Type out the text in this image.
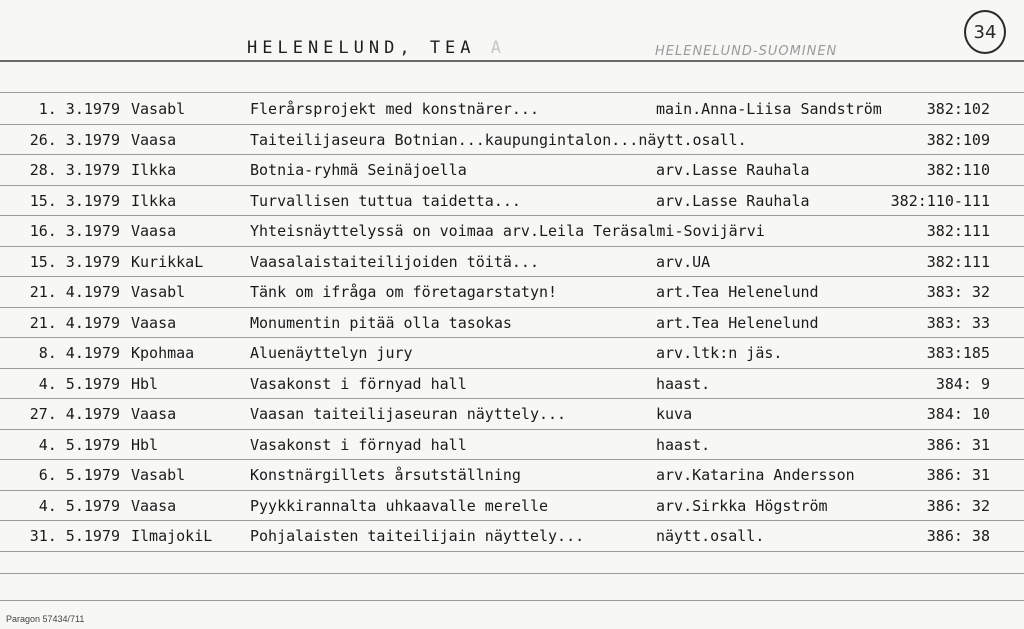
HELENELUND, TEA A	HELENELUND-SUOMINEN
34
1. 3.1979 Vasabl	Flerårsprojekt med konstnärer...	main.Anna-Liisa Sandström	382:102
26. 3.1979 Vaasa	Taiteilijaseura Botnian...kaupungintalon...näytt.osall.	382:109
28. 3.1979 Ilkka	Botnia-ryhmä Seinäjoella	arv.Lasse Rauhala	382:110
15. 3.1979 Ilkka	Turvallisen tuttua taidetta...	arv.Lasse Rauhala	382:110-111
16. 3.1979 Vaasa	Yhteisnäyttelyssä on voimaa arv.Leila Teräsalmi-Sovijärvi	382:111
15. 3.1979 KurikkaL	Vaasalaistaiteilijoiden töitä...	arv.UA	382:111
21. 4.1979 Vasabl	Tänk om ifråga om företagarstatyn!	art.Tea Helenelund	383: 32
21. 4.1979 Vaasa	Monumentin pitää olla tasokas	art.Tea Helenelund	383: 33
8. 4.1979 Kpohmaa	Aluenäyttelyn jury	arv.ltk:n jäs.	383:185
4. 5.1979 Hbl	Vasakonst i förnyad hall	haast.	384: 9
27. 4.1979 Vaasa	Vaasan taiteilijaseuran näyttely...	kuva	384: 10
4. 5.1979 Hbl	Vasakonst i förnyad hall	haast.	386: 31
6. 5.1979 Vasabl	Konstnärgillets årsutställning	arv.Katarina Andersson	386: 31
4. 5.1979 Vaasa	Pyykkirannalta uhkaavalle merelle	arv.Sirkka Högström	386: 32
31. 5.1979 IlmajokiL	Pohjalaisten taiteilijain näyttely...	näytt.osall.	386: 38
Paragon 57434/711
